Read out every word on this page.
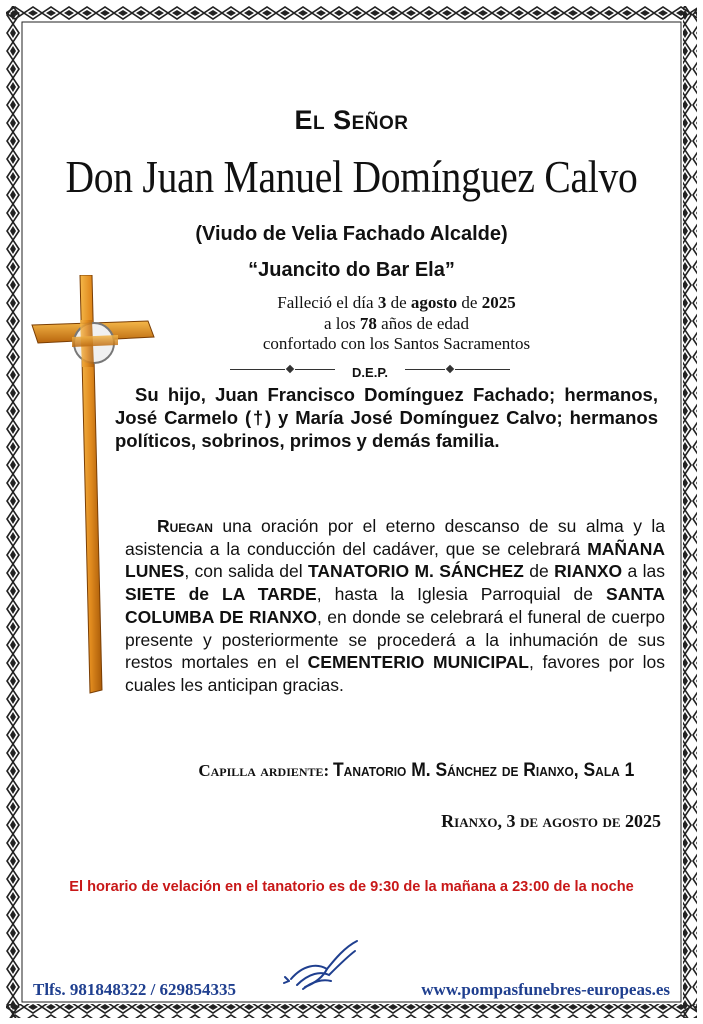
El Señor
Don Juan Manuel Domínguez Calvo
(Viudo de Velia Fachado Alcalde)
“Juancito do Bar Ela”
Falleció el día 3 de agosto de 2025
a los 78 años de edad
confortado con los Santos Sacramentos
D.E.P.
Su hijo, Juan Francisco Domínguez Fachado; hermanos, José Carmelo (†) y María José Domínguez Calvo; hermanos políticos, sobrinos, primos y demás familia.
Ruegan una oración por el eterno descanso de su alma y la asistencia a la conducción del cadáver, que se celebrará MAÑANA LUNES, con salida del TANATORIO M. SÁNCHEZ de RIANXO a las SIETE de LA TARDE, hasta la Iglesia Parroquial de SANTA COLUMBA DE RIANXO, en donde se celebrará el funeral de cuerpo presente y posteriormente se procederá a la inhumación de sus restos mortales en el CEMENTERIO MUNICIPAL, favores por los cuales les anticipan gracias.
Capilla ardiente: Tanatorio M. Sánchez de Rianxo, Sala 1
Rianxo, 3 de agosto de 2025
El horario de velación en el tanatorio es de 9:30 de la mañana a 23:00 de la noche
Tlfs. 981848322 / 629854335	www.pompasfunebres-europeas.es
